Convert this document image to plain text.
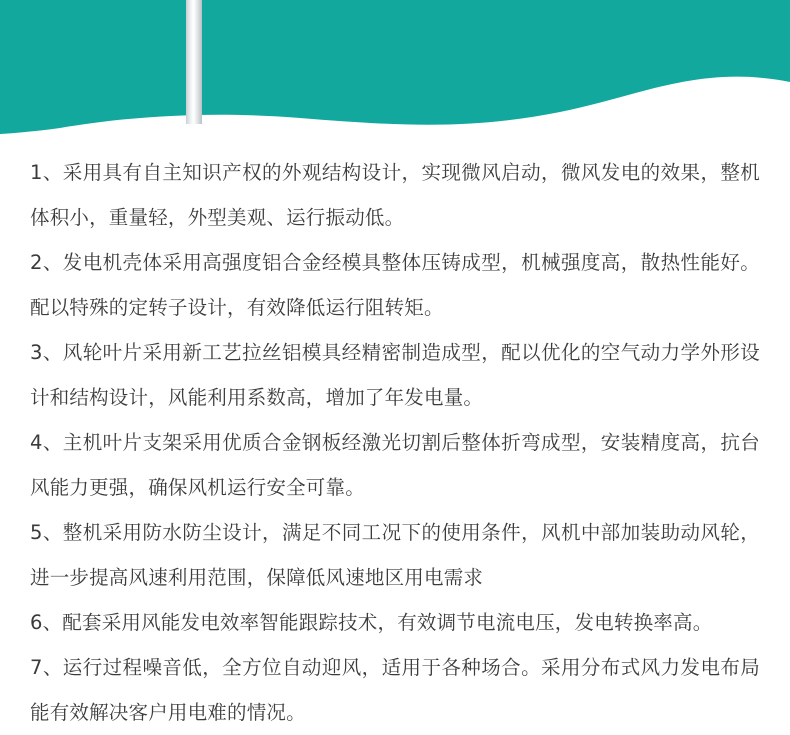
1、采用具有自主知识产权的外观结构设计，实现微风启动，微风发电的效果，整机体积小，重量轻，外型美观、运行振动低。

2、发电机壳体采用高强度铝合金经模具整体压铸成型，机械强度高，散热性能好。配以特殊的定转子设计，有效降低运行阻转矩。

3、风轮叶片采用新工艺拉丝铝模具经精密制造成型，配以优化的空气动力学外形设计和结构设计，风能利用系数高，增加了年发电量。

4、主机叶片支架采用优质合金钢板经激光切割后整体折弯成型，安装精度高，抗台风能力更强，确保风机运行安全可靠。

5、整机采用防水防尘设计，满足不同工况下的使用条件，风机中部加装助动风轮，进一步提高风速利用范围，保障低风速地区用电需求

6、配套采用风能发电效率智能跟踪技术，有效调节电流电压，发电转换率高。

7、运行过程噪音低，全方位自动迎风，适用于各种场合。采用分布式风力发电布局能有效解决客户用电难的情况。
